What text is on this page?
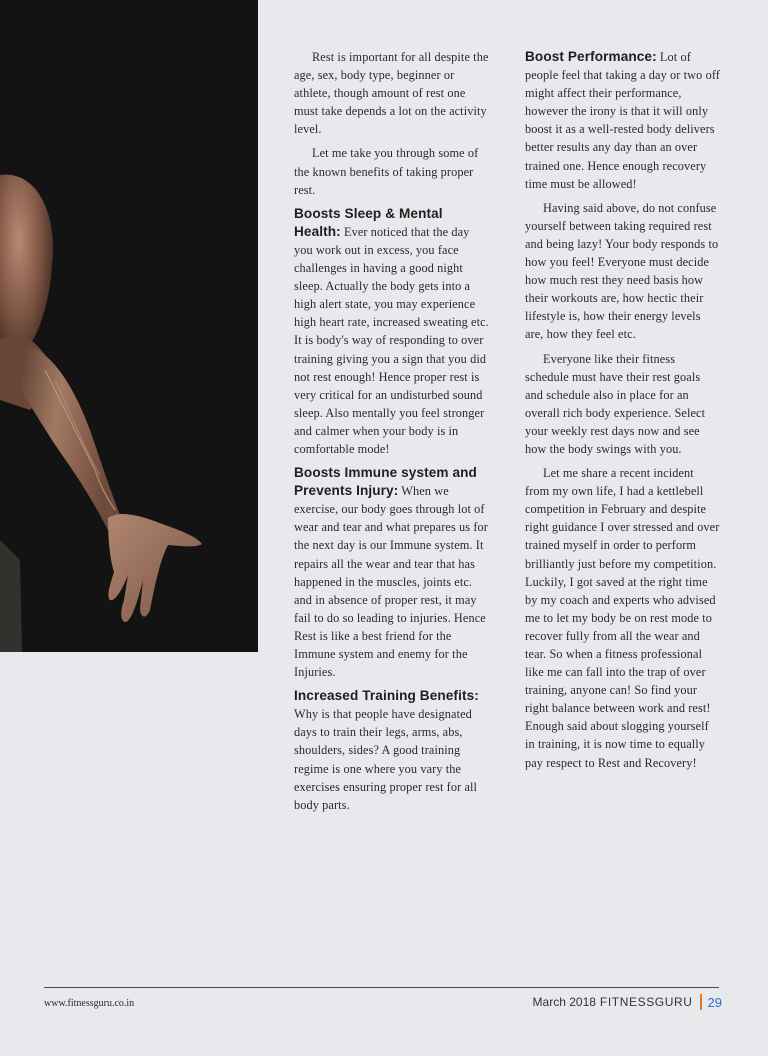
Rest is important for all despite the age, sex, body type, beginner or athlete, though amount of rest one must take depends a lot on the activity level.

Let me take you through some of the known benefits of taking proper rest.

Boosts Sleep & Mental Health: Ever noticed that the day you work out in excess, you face challenges in having a good night sleep. Actually the body gets into a high alert state, you may experience high heart rate, increased sweating etc. It is body's way of responding to over training giving you a sign that you did not rest enough! Hence proper rest is very critical for an undisturbed sound sleep. Also mentally you feel stronger and calmer when your body is in comfortable mode!

Boosts Immune system and Prevents Injury: When we exercise, our body goes through lot of wear and tear and what prepares us for the next day is our Immune system. It repairs all the wear and tear that has happened in the muscles, joints etc. and in absence of proper rest, it may fail to do so leading to injuries. Hence Rest is like a best friend for the Immune system and enemy for the Injuries.

Increased Training Benefits: Why is that people have designated days to train their legs, arms, abs, shoulders, sides? A good training regime is one where you vary the exercises ensuring proper rest for all body parts.

Boost Performance: Lot of people feel that taking a day or two off might affect their performance, however the irony is that it will only boost it as a well-rested body delivers better results any day than an over trained one. Hence enough recovery time must be allowed!

Having said above, do not confuse yourself between taking required rest and being lazy! Your body responds to how you feel! Everyone must decide how much rest they need basis how their workouts are, how hectic their lifestyle is, how their energy levels are, how they feel etc.

Everyone like their fitness schedule must have their rest goals and schedule also in place for an overall rich body experience. Select your weekly rest days now and see how the body swings with you.

Let me share a recent incident from my own life, I had a kettlebell competition in February and despite right guidance I over stressed and over trained myself in order to perform brilliantly just before my competition. Luckily, I got saved at the right time by my coach and experts who advised me to let my body be on rest mode to recover fully from all the wear and tear. So when a fitness professional like me can fall into the trap of over training, anyone can! So find your right balance between work and rest! Enough said about slogging yourself in training, it is now time to equally pay respect to Rest and Recovery!

www.fitnessguru.co.in	March 2018 FITNESSGURU 29
